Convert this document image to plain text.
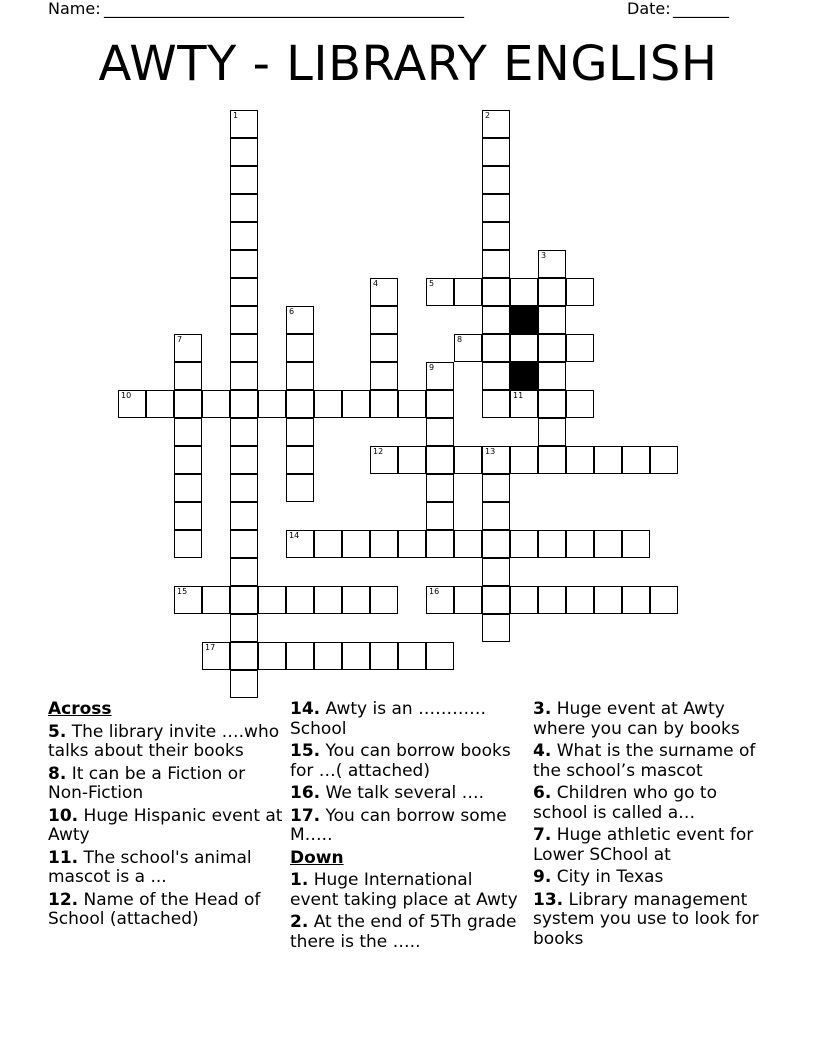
Name: _____________________________________________	Date: _______
AWTY - LIBRARY ENGLISH
1	2
3
4	5
6
7	8
9
10	11
12	13
14
15	16
17
Across
5. The library invite ….who talks about their books
8. It can be a Fiction or Non-Fiction
10. Huge Hispanic event at Awty
11. The school's animal mascot is a ...
12. Name of the Head of School (attached)
14. Awty is an ………… School
15. You can borrow books for …( attached)
16. We talk several ….
17. You can borrow some M…..
Down
1. Huge International event taking place at Awty
2. At the end of 5Th grade there is the …..
3. Huge event at Awty where you can by books
4. What is the surname of the school’s mascot
6. Children who go to school is called a…
7. Huge athletic event for Lower SChool at
9. City in Texas
13. Library management system you use to look for books
